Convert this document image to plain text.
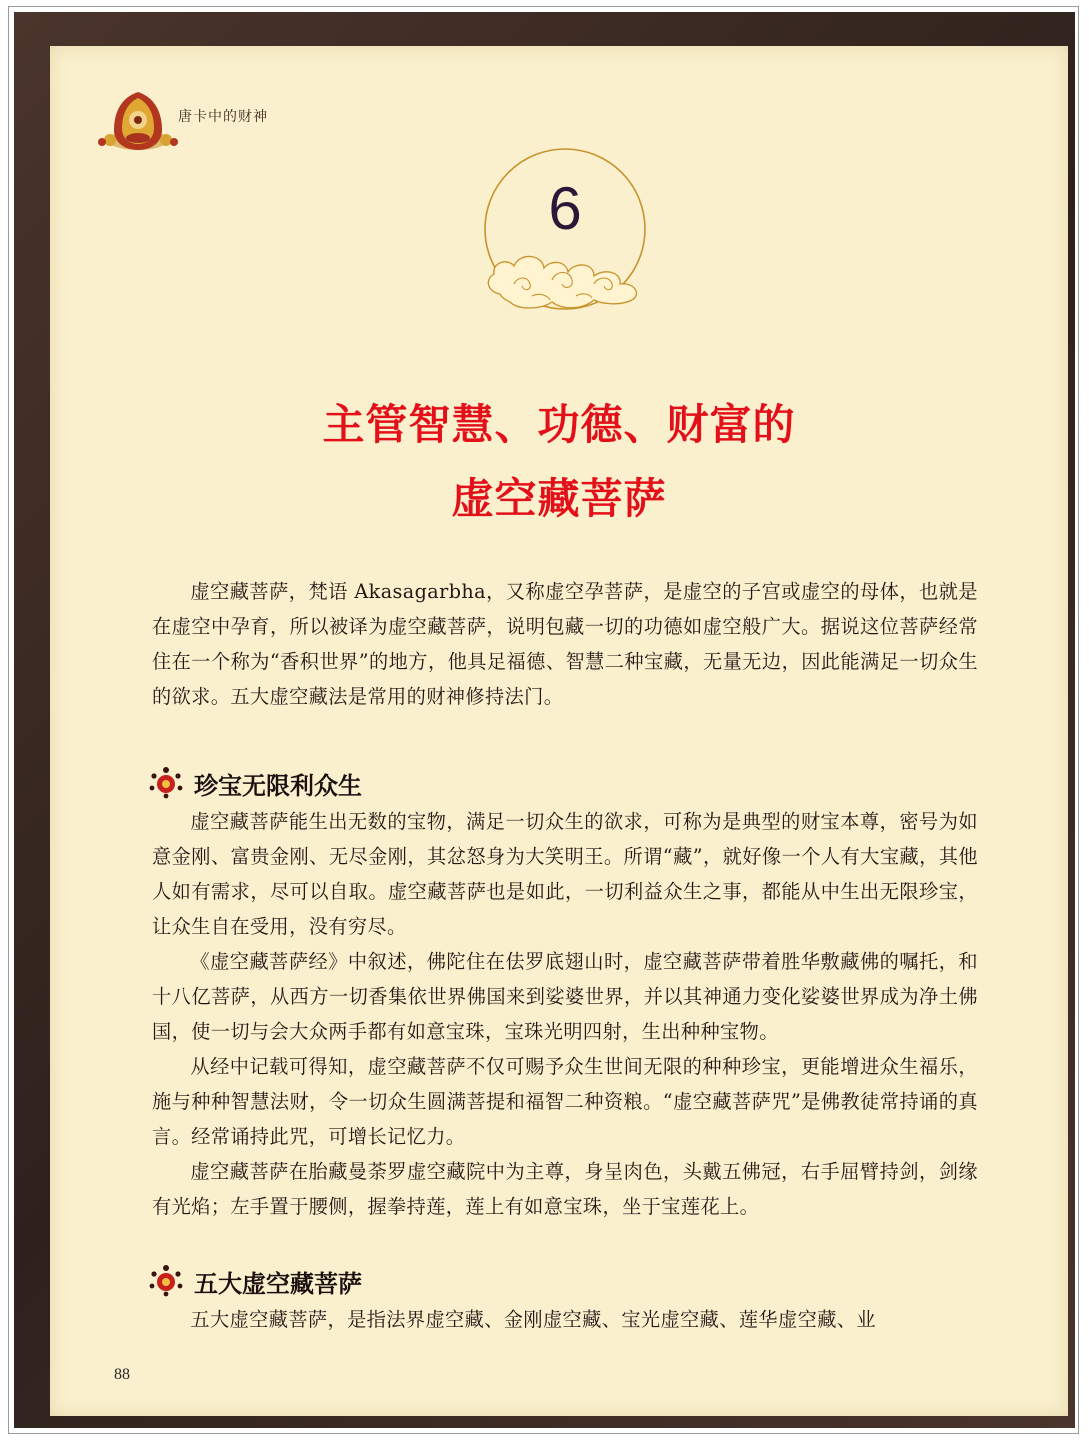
唐卡中的财神
6
主管智慧、功德、财富的
虚空藏菩萨

虚空藏菩萨，梵语 Akasagarbha，又称虚空孕菩萨，是虚空的子宫或虚空的母体，也就是在虚空中孕育，所以被译为虚空藏菩萨，说明包藏一切的功德如虚空般广大。据说这位菩萨经常住在一个称为“香积世界”的地方，他具足福德、智慧二种宝藏，无量无边，因此能满足一切众生的欲求。五大虚空藏法是常用的财神修持法门。

珍宝无限利众生

虚空藏菩萨能生出无数的宝物，满足一切众生的欲求，可称为是典型的财宝本尊，密号为如意金刚、富贵金刚、无尽金刚，其忿怒身为大笑明王。所谓“藏”，就好像一个人有大宝藏，其他人如有需求，尽可以自取。虚空藏菩萨也是如此，一切利益众生之事，都能从中生出无限珍宝，让众生自在受用，没有穷尽。

《虚空藏菩萨经》中叙述，佛陀住在佉罗底翅山时，虚空藏菩萨带着胜华敷藏佛的嘱托，和十八亿菩萨，从西方一切香集依世界佛国来到娑婆世界，并以其神通力变化娑婆世界成为净土佛国，使一切与会大众两手都有如意宝珠，宝珠光明四射，生出种种宝物。

从经中记载可得知，虚空藏菩萨不仅可赐予众生世间无限的种种珍宝，更能增进众生福乐，施与种种智慧法财，令一切众生圆满菩提和福智二种资粮。“虚空藏菩萨咒”是佛教徒常持诵的真言。经常诵持此咒，可增长记忆力。

虚空藏菩萨在胎藏曼荼罗虚空藏院中为主尊，身呈肉色，头戴五佛冠，右手屈臂持剑，剑缘有光焰；左手置于腰侧，握拳持莲，莲上有如意宝珠，坐于宝莲花上。

五大虚空藏菩萨

五大虚空藏菩萨，是指法界虚空藏、金刚虚空藏、宝光虚空藏、莲华虚空藏、业

88
